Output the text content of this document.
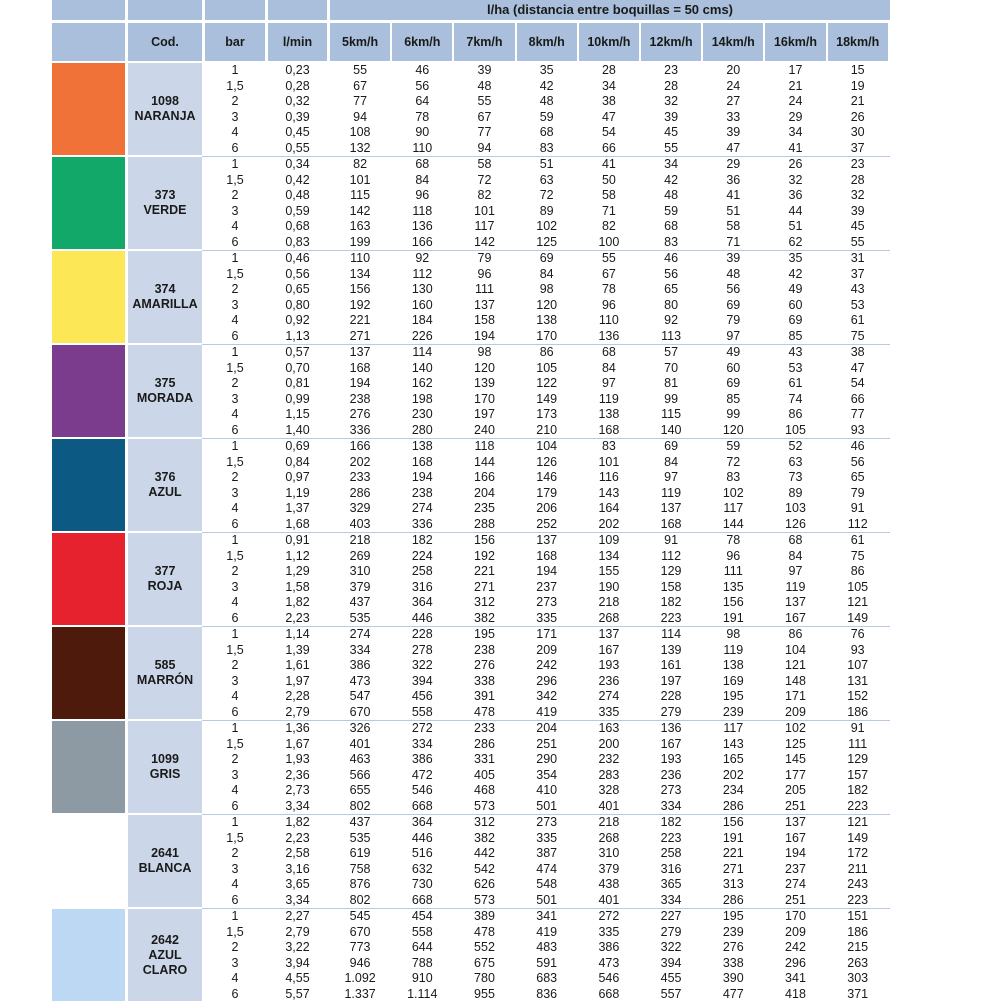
l/ha (distancia entre boquillas = 50 cms)
Cod.	bar	l/min	5 km/h 6 km/h 7 km/h 8 km/h 10 km/h 12 km/h 14 km/h 16 km/h 18 km/h
1098
NARANJA
1	0,23	55	46	39	35	28	23	20	17	15
1,5	0,28	67	56	48	42	34	28	24	21	19
2	0,32	77	64	55	48	38	32	27	24	21
3	0,39	94	78	67	59	47	39	33	29	26
4	0,45	108	90	77	68	54	45	39	34	30
6	0,55	132	110	94	83	66	55	47	41	37
373
VERDE
1	0,34	82	68	58	51	41	34	29	26	23
1,5	0,42	101	84	72	63	50	42	36	32	28
2	0,48	115	96	82	72	58	48	41	36	32
3	0,59	142	118	101	89	71	59	51	44	39
4	0,68	163	136	117	102	82	68	58	51	45
6	0,83	199	166	142	125	100	83	71	62	55
374
AMARILLA
1	0,46	110	92	79	69	55	46	39	35	31
1,5	0,56	134	112	96	84	67	56	48	42	37
2	0,65	156	130	111	98	78	65	56	49	43
3	0,80	192	160	137	120	96	80	69	60	53
4	0,92	221	184	158	138	110	92	79	69	61
6	1,13	271	226	194	170	136	113	97	85	75
375
MORADA
1	0,57	137	114	98	86	68	57	49	43	38
1,5	0,70	168	140	120	105	84	70	60	53	47
2	0,81	194	162	139	122	97	81	69	61	54
3	0,99	238	198	170	149	119	99	85	74	66
4	1,15	276	230	197	173	138	115	99	86	77
6	1,40	336	280	240	210	168	140	120	105	93
376
AZUL
1	0,69	166	138	118	104	83	69	59	52	46
1,5	0,84	202	168	144	126	101	84	72	63	56
2	0,97	233	194	166	146	116	97	83	73	65
3	1,19	286	238	204	179	143	119	102	89	79
4	1,37	329	274	235	206	164	137	117	103	91
6	1,68	403	336	288	252	202	168	144	126	112
377
ROJA
1	0,91	218	182	156	137	109	91	78	68	61
1,5	1,12	269	224	192	168	134	112	96	84	75
2	1,29	310	258	221	194	155	129	111	97	86
3	1,58	379	316	271	237	190	158	135	119	105
4	1,82	437	364	312	273	218	182	156	137	121
6	2,23	535	446	382	335	268	223	191	167	149
585
MARRÓN
1	1,14	274	228	195	171	137	114	98	86	76
1,5	1,39	334	278	238	209	167	139	119	104	93
2	1,61	386	322	276	242	193	161	138	121	107
3	1,97	473	394	338	296	236	197	169	148	131
4	2,28	547	456	391	342	274	228	195	171	152
6	2,79	670	558	478	419	335	279	239	209	186
1099
GRIS
1	1,36	326	272	233	204	163	136	117	102	91
1,5	1,67	401	334	286	251	200	167	143	125	111
2	1,93	463	386	331	290	232	193	165	145	129
3	2,36	566	472	405	354	283	236	202	177	157
4	2,73	655	546	468	410	328	273	234	205	182
6	3,34	802	668	573	501	401	334	286	251	223
2641
BLANCA
1	1,82	437	364	312	273	218	182	156	137	121
1,5	2,23	535	446	382	335	268	223	191	167	149
2	2,58	619	516	442	387	310	258	221	194	172
3	3,16	758	632	542	474	379	316	271	237	211
4	3,65	876	730	626	548	438	365	313	274	243
6	3,34	802	668	573	501	401	334	286	251	223
2642
AZUL
CLARO
1	2,27	545	454	389	341	272	227	195	170	151
1,5	2,79	670	558	478	419	335	279	239	209	186
2	3,22	773	644	552	483	386	322	276	242	215
3	3,94	946	788	675	591	473	394	338	296	263
4	4,55	1.092	910	780	683	546	455	390	341	303
6	5,57	1.337	1.114	955	836	668	557	477	418	371
